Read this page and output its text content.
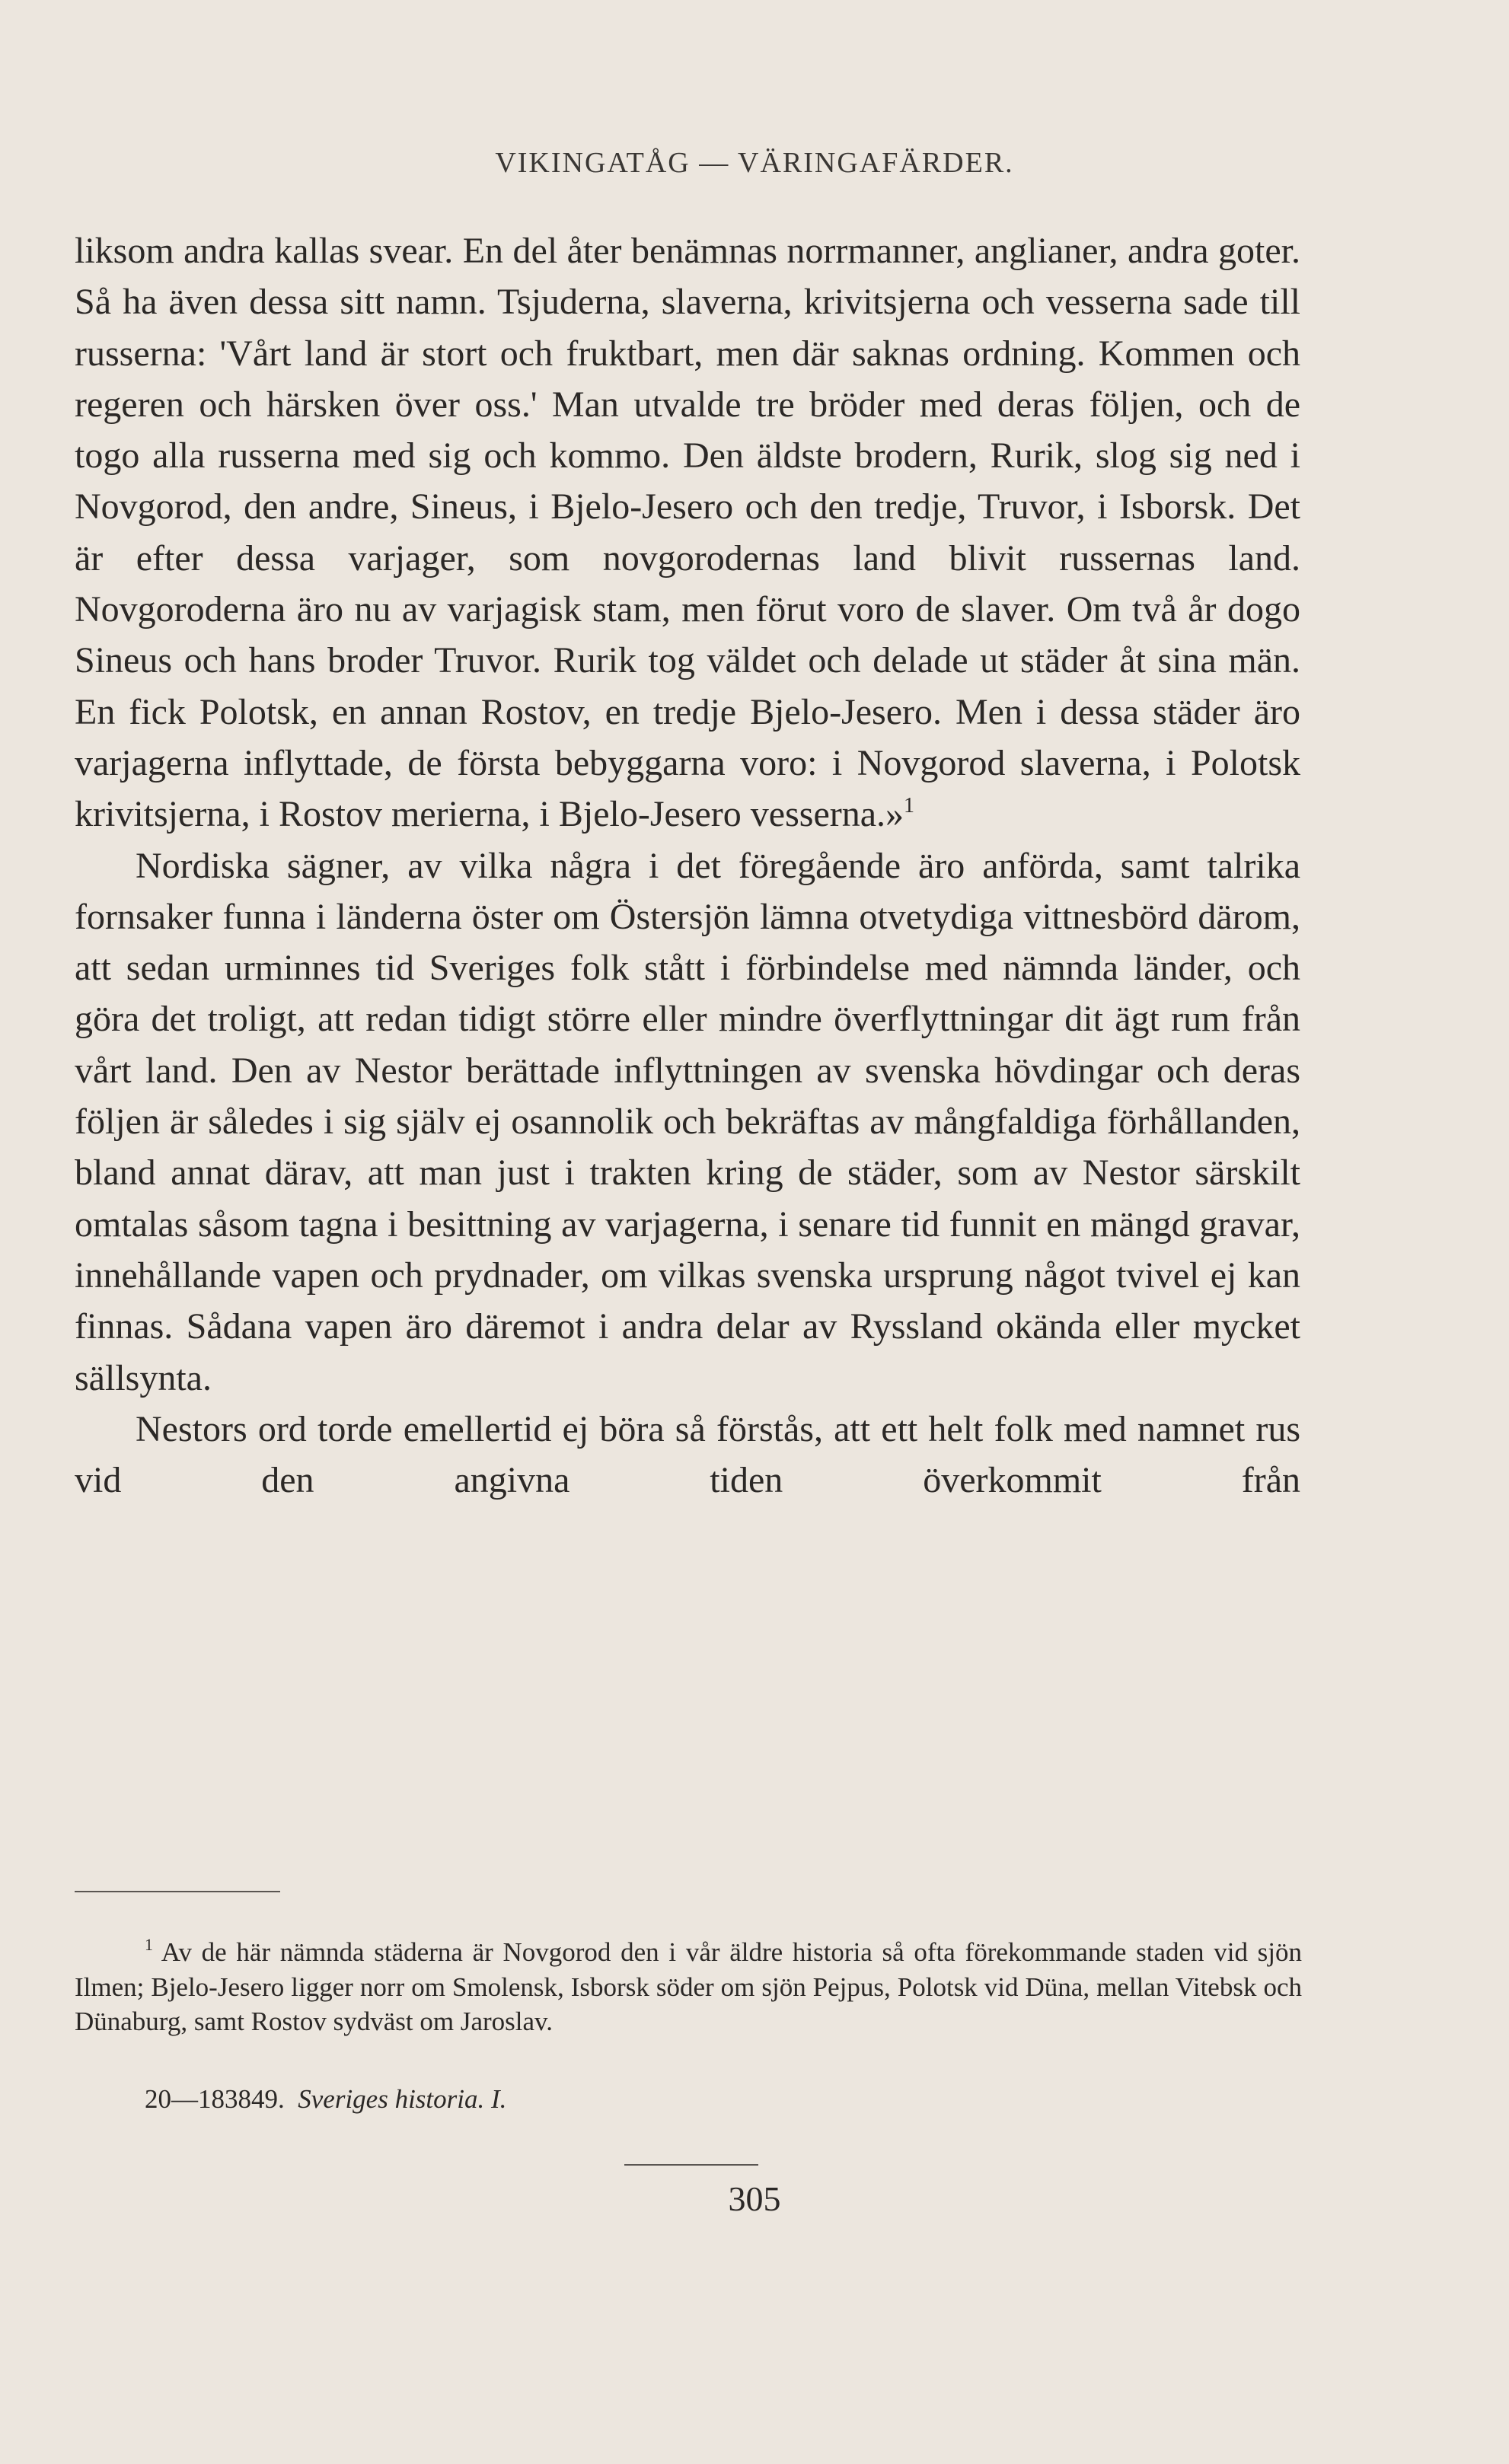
VIKINGATÅG — VÄRINGAFÄRDER.

liksom andra kallas svear. En del åter benämnas norrmanner, anglianer, andra goter. Så ha även dessa sitt namn. Tsjuderna, slaverna, krivitsjerna och vesserna sade till russerna: 'Vårt land är stort och fruktbart, men där saknas ordning. Kommen och regeren och härsken över oss.' Man utvalde tre bröder med deras följen, och de togo alla russerna med sig och kommo. Den äldste brodern, Rurik, slog sig ned i Novgorod, den andre, Sineus, i Bjelo-Jesero och den tredje, Truvor, i Isborsk. Det är efter dessa varjager, som novgorodernas land blivit russernas land. Novgoroderna äro nu av varjagisk stam, men förut voro de slaver. Om två år dogo Sineus och hans broder Truvor. Rurik tog väldet och delade ut städer åt sina män. En fick Polotsk, en annan Rostov, en tredje Bjelo-Jesero. Men i dessa städer äro varjagerna inflyttade, de första bebyggarna voro: i Novgorod slaverna, i Polotsk krivitsjerna, i Rostov merierna, i Bjelo-Jesero vesserna.»$^1$

Nordiska sägner, av vilka några i det föregående äro anförda, samt talrika fornsaker funna i länderna öster om Östersjön lämna otvetydiga vittnesbörd därom, att sedan urminnes tid Sveriges folk stått i förbindelse med nämnda länder, och göra det troligt, att redan tidigt större eller mindre överflyttningar dit ägt rum från vårt land. Den av Nestor berättade inflyttningen av svenska hövdingar och deras följen är således i sig själv ej osannolik och bekräftas av mångfaldiga förhållanden, bland annat därav, att man just i trakten kring de städer, som av Nestor särskilt omtalas såsom tagna i besittning av varjagerna, i senare tid funnit en mängd gravar, innehållande vapen och prydnader, om vilkas svenska ursprung något tvivel ej kan finnas. Sådana vapen äro däremot i andra delar av Ryssland okända eller mycket sällsynta.

Nestors ord torde emellertid ej böra så förstås, att ett helt folk med namnet rus vid den angivna tiden överkommit från

$^1$ Av de här nämnda städerna är Novgorod den i vår äldre historia så ofta förekommande staden vid sjön Ilmen; Bjelo-Jesero ligger norr om Smolensk, Isborsk söder om sjön Pejpus, Polotsk vid Düna, mellan Vitebsk och Dünaburg, samt Rostov sydväst om Jaroslav.

20—183849. Sveriges historia. I.
305
